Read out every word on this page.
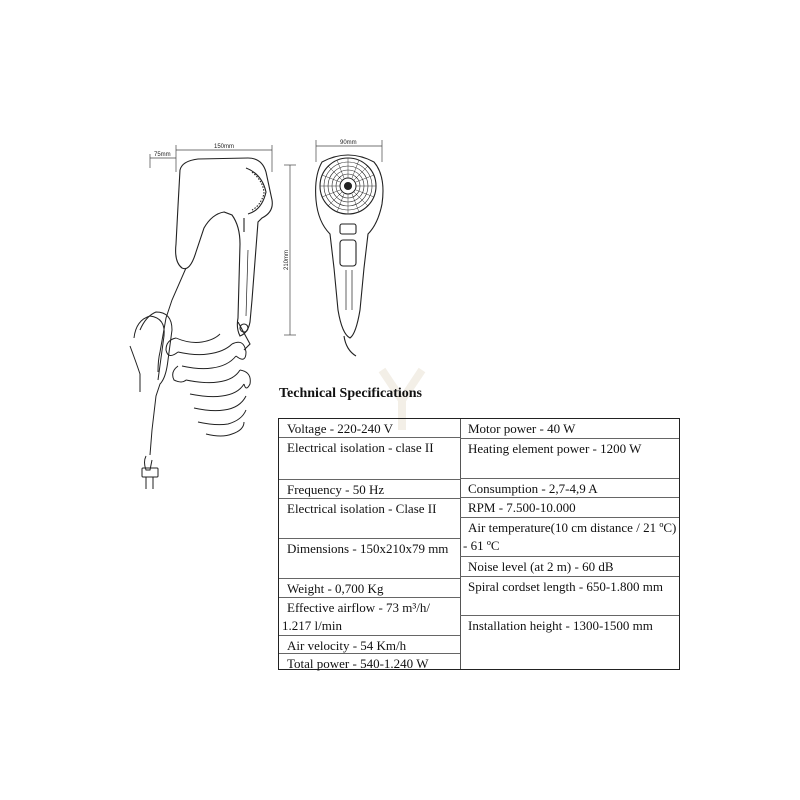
75mm
150mm
210mm
90mm
Technical Specifications
Voltage - 220-240 V
Electrical isolation - clase II
Frequency - 50 Hz
Electrical isolation - Clase II
Dimensions - 150x210x79 mm
Weight - 0,700 Kg
Effective airflow - 73 m³/h/ 1.217 l/min
Air velocity - 54 Km/h
Total power - 540-1.240 W
Motor power - 40 W
Heating element power - 1200 W
Consumption - 2,7-4,9 A
RPM - 7.500-10.000
Air temperature(10 cm distance / 21 ºC) - 61 ºC
Noise level (at 2 m) - 60 dB
Spiral cordset length - 650-1.800 mm
Installation height - 1300-1500 mm
